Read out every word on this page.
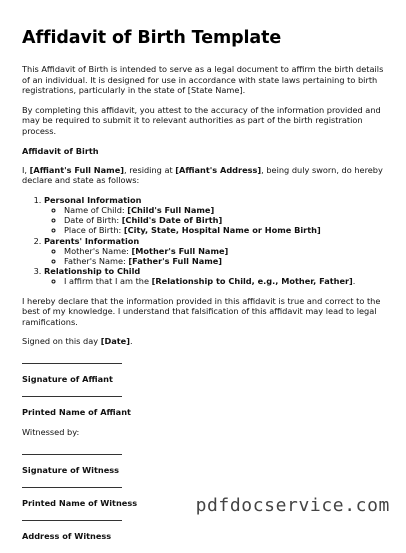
Affidavit of Birth Template

This Affidavit of Birth is intended to serve as a legal document to affirm the birth details of an individual. It is designed for use in accordance with state laws pertaining to birth registrations, particularly in the state of [State Name].

By completing this affidavit, you attest to the accuracy of the information provided and may be required to submit it to relevant authorities as part of the birth registration process.

Affidavit of Birth

I, [Affiant's Full Name], residing at [Affiant's Address], being duly sworn, do hereby declare and state as follows:

1. Personal Information
◦ Name of Child: [Child's Full Name]
◦ Date of Birth: [Child's Date of Birth]
◦ Place of Birth: [City, State, Hospital Name or Home Birth]
2. Parents' Information
◦ Mother's Name: [Mother's Full Name]
◦ Father's Name: [Father's Full Name]
3. Relationship to Child
◦ I affirm that I am the [Relationship to Child, e.g., Mother, Father].

I hereby declare that the information provided in this affidavit is true and correct to the best of my knowledge. I understand that falsification of this affidavit may lead to legal ramifications.

Signed on this day [Date].

Signature of Affiant
Printed Name of Affiant

Witnessed by:

Signature of Witness
Printed Name of Witness
Address of Witness
pdfdocservice.com
